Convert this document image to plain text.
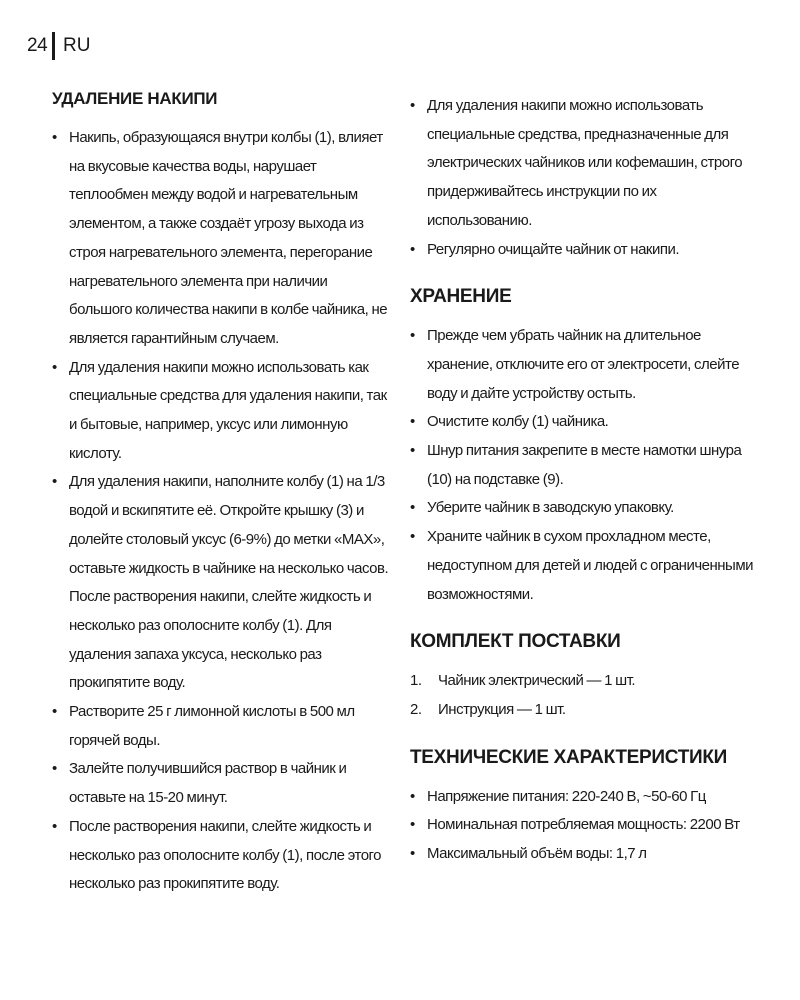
24 RU
УДАЛЕНИЕ НАКИПИ
• Накипь, образующаяся внутри колбы (1), влияет на вкусовые качества воды, нарушает теплообмен между водой и нагревательным элементом, а также создаёт угрозу выхода из строя нагревательного элемента, перегорание нагревательного элемента при наличии большого количества накипи в колбе чайника, не является гарантийным случаем.
• Для удаления накипи можно использовать как специальные средства для удаления накипи, так и бытовые, например, уксус или лимонную кислоту.
• Для удаления накипи, наполните колбу (1) на 1/3 водой и вскипятите её. Откройте крышку (3) и долейте столовый уксус (6-9%) до метки «MAX», оставьте жидкость в чайнике на несколько часов. После растворения накипи, слейте жидкость и несколько раз ополосните колбу (1). Для удаления запаха уксуса, несколько раз прокипятите воду.
• Растворите 25 г лимонной кислоты в 500 мл горячей воды.
• Залейте получившийся раствор в чайник и оставьте на 15-20 минут.
• После растворения накипи, слейте жидкость и несколько раз ополосните колбу (1), после этого несколько раз прокипятите воду.
• Для удаления накипи можно использовать специальные средства, предназначенные для электрических чайников или кофемашин, строго придерживайтесь инструкции по их использованию.
• Регулярно очищайте чайник от накипи.
ХРАНЕНИЕ
• Прежде чем убрать чайник на длительное хранение, отключите его от электросети, слейте воду и дайте устройству остыть.
• Очистите колбу (1) чайника.
• Шнур питания закрепите в месте намотки шнура (10) на подставке (9).
• Уберите чайник в заводскую упаковку.
• Храните чайник в сухом прохладном месте, недоступном для детей и людей с ограниченными возможностями.
КОМПЛЕКТ ПОСТАВКИ
1. Чайник электрический — 1 шт.
2. Инструкция — 1 шт.
ТЕХНИЧЕСКИЕ ХАРАКТЕРИСТИКИ
• Напряжение питания: 220-240 В, ~50-60 Гц
• Номинальная потребляемая мощность: 2200 Вт
• Максимальный объём воды: 1,7 л
